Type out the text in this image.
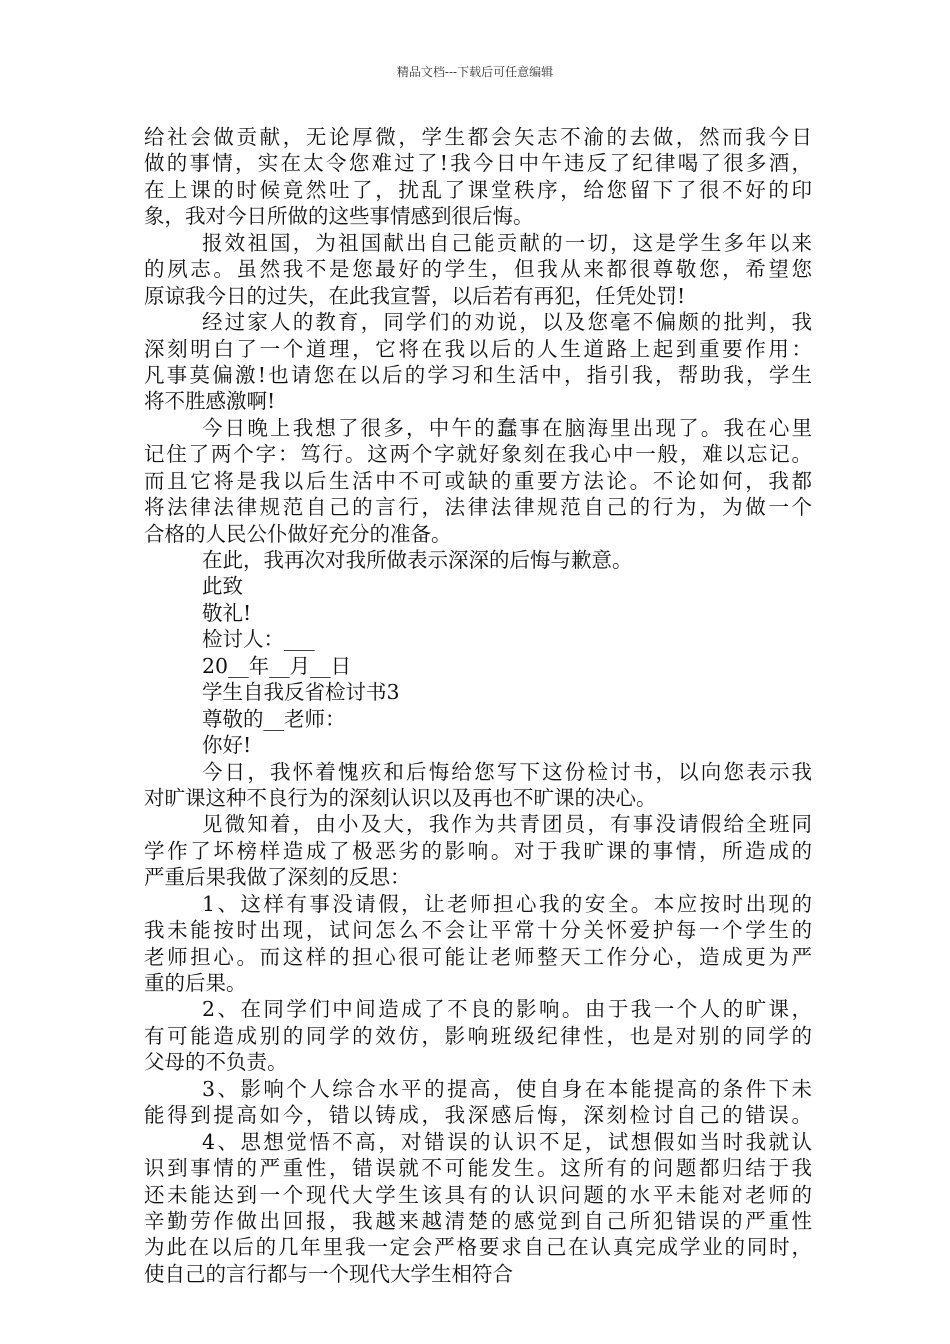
精品文档---下载后可任意编辑
给社会做贡献，无论厚微，学生都会矢志不渝的去做，然而我今日
做的事情，实在太令您难过了!我今日中午违反了纪律喝了很多酒，
在上课的时候竟然吐了，扰乱了课堂秩序，给您留下了很不好的印
象，我对今日所做的这些事情感到很后悔。
报效祖国，为祖国献出自己能贡献的一切，这是学生多年以来
的夙志。虽然我不是您最好的学生，但我从来都很尊敬您，希望您
原谅我今日的过失，在此我宣誓，以后若有再犯，任凭处罚!
经过家人的教育，同学们的劝说，以及您毫不偏颇的批判，我
深刻明白了一个道理，它将在我以后的人生道路上起到重要作用：
凡事莫偏激!也请您在以后的学习和生活中，指引我，帮助我，学生
将不胜感激啊!
今日晚上我想了很多，中午的蠢事在脑海里出现了。我在心里
记住了两个字：笃行。这两个字就好象刻在我心中一般，难以忘记。
而且它将是我以后生活中不可或缺的重要方法论。不论如何，我都
将法律法律规范自己的言行，法律法律规范自己的行为，为做一个
合格的人民公仆做好充分的准备。
在此，我再次对我所做表示深深的后悔与歉意。
此致
敬礼!
检讨人：___
20__年__月__日
学生自我反省检讨书3
尊敬的__老师：
你好!
今日，我怀着愧疚和后悔给您写下这份检讨书，以向您表示我
对旷课这种不良行为的深刻认识以及再也不旷课的决心。
见微知着，由小及大，我作为共青团员，有事没请假给全班同
学作了坏榜样造成了极恶劣的影响。对于我旷课的事情，所造成的
严重后果我做了深刻的反思：
1、这样有事没请假，让老师担心我的安全。本应按时出现的
我未能按时出现，试问怎么不会让平常十分关怀爱护每一个学生的
老师担心。而这样的担心很可能让老师整天工作分心，造成更为严
重的后果。
2、在同学们中间造成了不良的影响。由于我一个人的旷课，
有可能造成别的同学的效仿，影响班级纪律性，也是对别的同学的
父母的不负责。
3、影响个人综合水平的提高，使自身在本能提高的条件下未
能得到提高如今，错以铸成，我深感后悔，深刻检讨自己的错误。
4、思想觉悟不高，对错误的认识不足，试想假如当时我就认
识到事情的严重性，错误就不可能发生。这所有的问题都归结于我
还未能达到一个现代大学生该具有的认识问题的水平未能对老师的
辛勤劳作做出回报，我越来越清楚的感觉到自己所犯错误的严重性
为此在以后的几年里我一定会严格要求自己在认真完成学业的同时，
使自己的言行都与一个现代大学生相符合
